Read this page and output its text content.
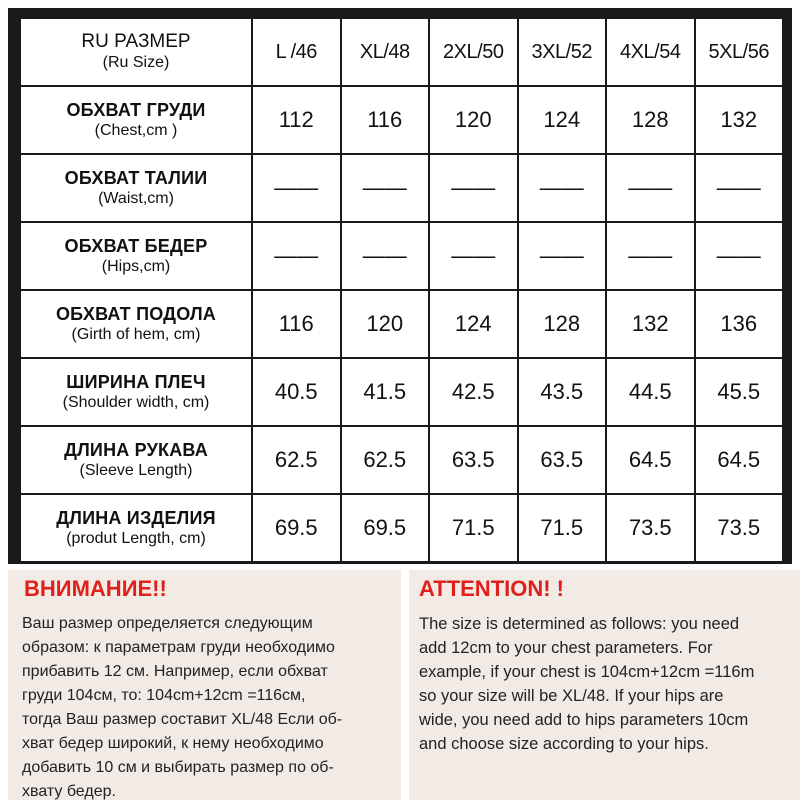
RU РАЗМЕР
(Ru Size)	L /46	XL/48	2XL/50	3XL/52	4XL/54	5XL/56

ОБХВАТ ГРУДИ
(Chest,cm )	112	116	120	124	128	132

ОБХВАТ ТАЛИИ
(Waist,cm)	——	——	——	——	——	——

ОБХВАТ БЕДЕР
(Hips,cm)	——	——	——	——	——	——

ОБХВАТ ПОДОЛА
(Girth of hem, cm)	116	120	124	128	132	136

ШИРИНА ПЛЕЧ
(Shoulder width, cm)	40.5	41.5	42.5	43.5	44.5	45.5

ДЛИНА РУКАВА
(Sleeve Length)	62.5	62.5	63.5	63.5	64.5	64.5

ДЛИНА ИЗДЕЛИЯ
(produt Length, cm)	69.5	69.5	71.5	71.5	73.5	73.5
ВНИМАНИЕ!!
Ваш размер определяется следующим
образом: к параметрам груди необходимо
прибавить 12 см. Например, если обхват
груди 104см, то: 104cm+12cm =116см,
тогда Ваш размер составит XL/48 Если об-
хват бедер широкий, к нему необходимо
добавить 10 см и выбирать размер по об-
хвату бедер.
ATTENTION! !
The size is determined as follows: you need
add 12cm to your chest parameters. For
example, if your chest is 104cm+12cm =116m
so your size will be XL/48. If your hips are
wide, you need add to hips parameters 10cm
and choose size according to your hips.
